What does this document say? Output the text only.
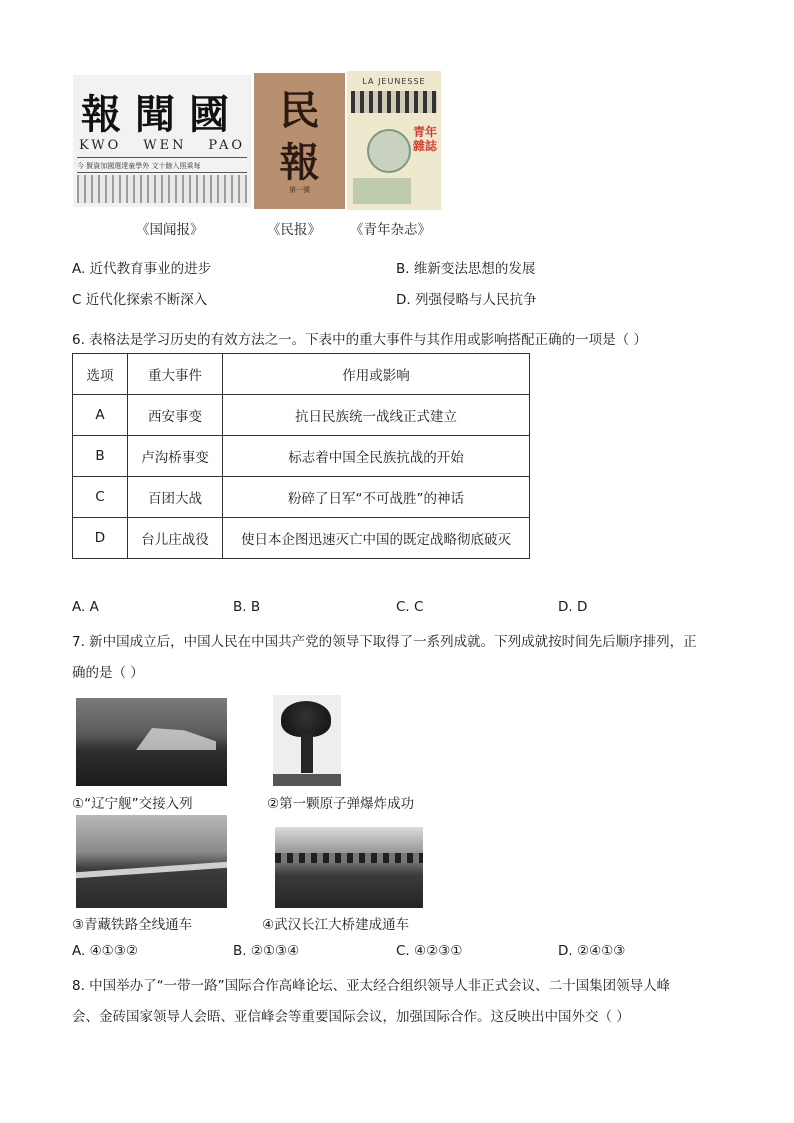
報聞國
KWO WEN PAO
今 賢資加國選達童學外 文十餘入照乘每
民
報
第一號
LA JEUNESSE
青年雜誌
《国闻报》	《民报》 《青年杂志》
A. 近代教育事业的进步	B. 维新变法思想的发展
C 近代化探索不断深入	D. 列强侵略与人民抗争
6. 表格法是学习历史的有效方法之一。下表中的重大事件与其作用或影响搭配正确的一项是（ ）
选项	重大事件	作用或影响
A	西安事变	抗日民族统一战线正式建立
B	卢沟桥事变	标志着中国全民族抗战的开始
C	百团大战	粉碎了日军“不可战胜”的神话
D	台儿庄战役	使日本企图迅速灭亡中国的既定战略彻底破灭
A. A	B. B	C. C	D. D
7. 新中国成立后，中国人民在中国共产党的领导下取得了一系列成就。下列成就按时间先后顺序排列，正
确的是（ ）
①“辽宁舰”交接入列	②第一颗原子弹爆炸成功
③青藏铁路全线通车	④武汉长江大桥建成通车
A. ④①③②	B. ②①③④	C. ④②③①	D. ②④①③
8. 中国举办了“一带一路”国际合作高峰论坛、亚太经合组织领导人非正式会议、二十国集团领导人峰
会、金砖国家领导人会晤、亚信峰会等重要国际会议，加强国际合作。这反映出中国外交（ ）
